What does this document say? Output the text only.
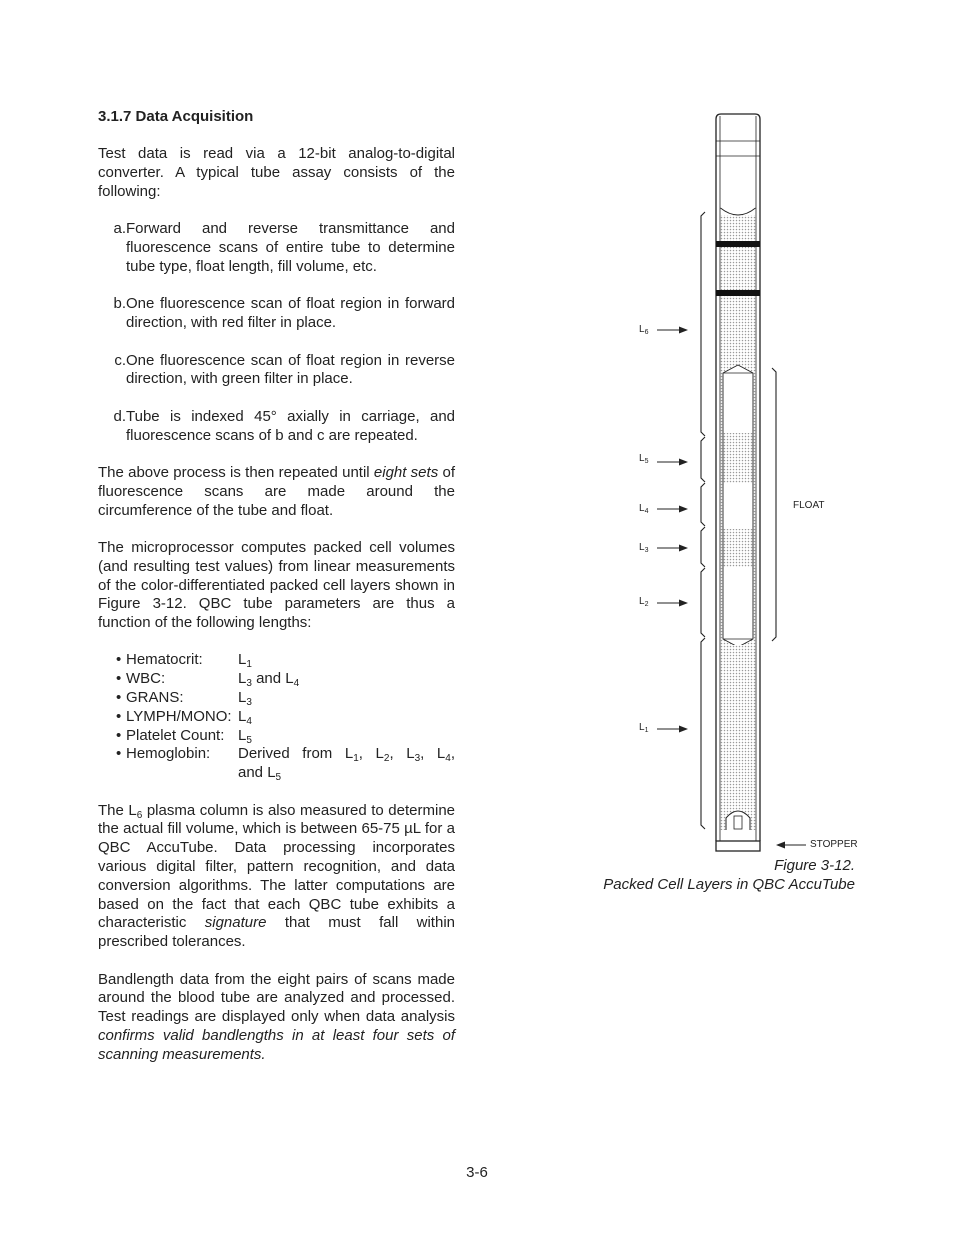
3.1.7 Data Acquisition

Test data is read via a 12-bit analog-to-digital converter. A typical tube assay consists of the following:

a. Forward and reverse transmittance and fluorescence scans of entire tube to determine tube type, float length, fill volume, etc.
b. One fluorescence scan of float region in forward direction, with red filter in place.
c. One fluorescence scan of float region in reverse direction, with green filter in place.
d. Tube is indexed 45° axially in carriage, and fluorescence scans of b and c are repeated.

The above process is then repeated until eight sets of fluorescence scans are made around the circumference of the tube and float.

The microprocessor computes packed cell volumes (and resulting test values) from linear measurements of the color-differentiated packed cell layers shown in Figure 3-12. QBC tube parameters are thus a function of the following lengths:

• Hematocrit:	$L_1$
• WBC:	$L_3$ and $L_4$
• GRANS:	$L_3$
• LYMPH/MONO: $L_4$
• Platelet Count: $L_5$
• Hemoglobin:	Derived from $L_1$, $L_2$, $L_3$, $L_4$,
and $L_5$

The $L_6$ plasma column is also measured to determine the actual fill volume, which is between 65-75 µL for a QBC AccuTube. Data processing incorporates various digital filter, pattern recognition, and data conversion algorithms. The latter computations are based on the fact that each QBC tube exhibits a characteristic signature that must fall within prescribed tolerances.

Bandlength data from the eight pairs of scans made around the blood tube are analyzed and processed. Test readings are displayed only when data analysis confirms valid bandlengths in at least four sets of scanning measurements.

$L_6$
$L_5$
$L_4$
$L_3$
$L_2$
$L_1$
FLOAT
STOPPER
Figure 3-12.
Packed Cell Layers in QBC AccuTube
3-6
